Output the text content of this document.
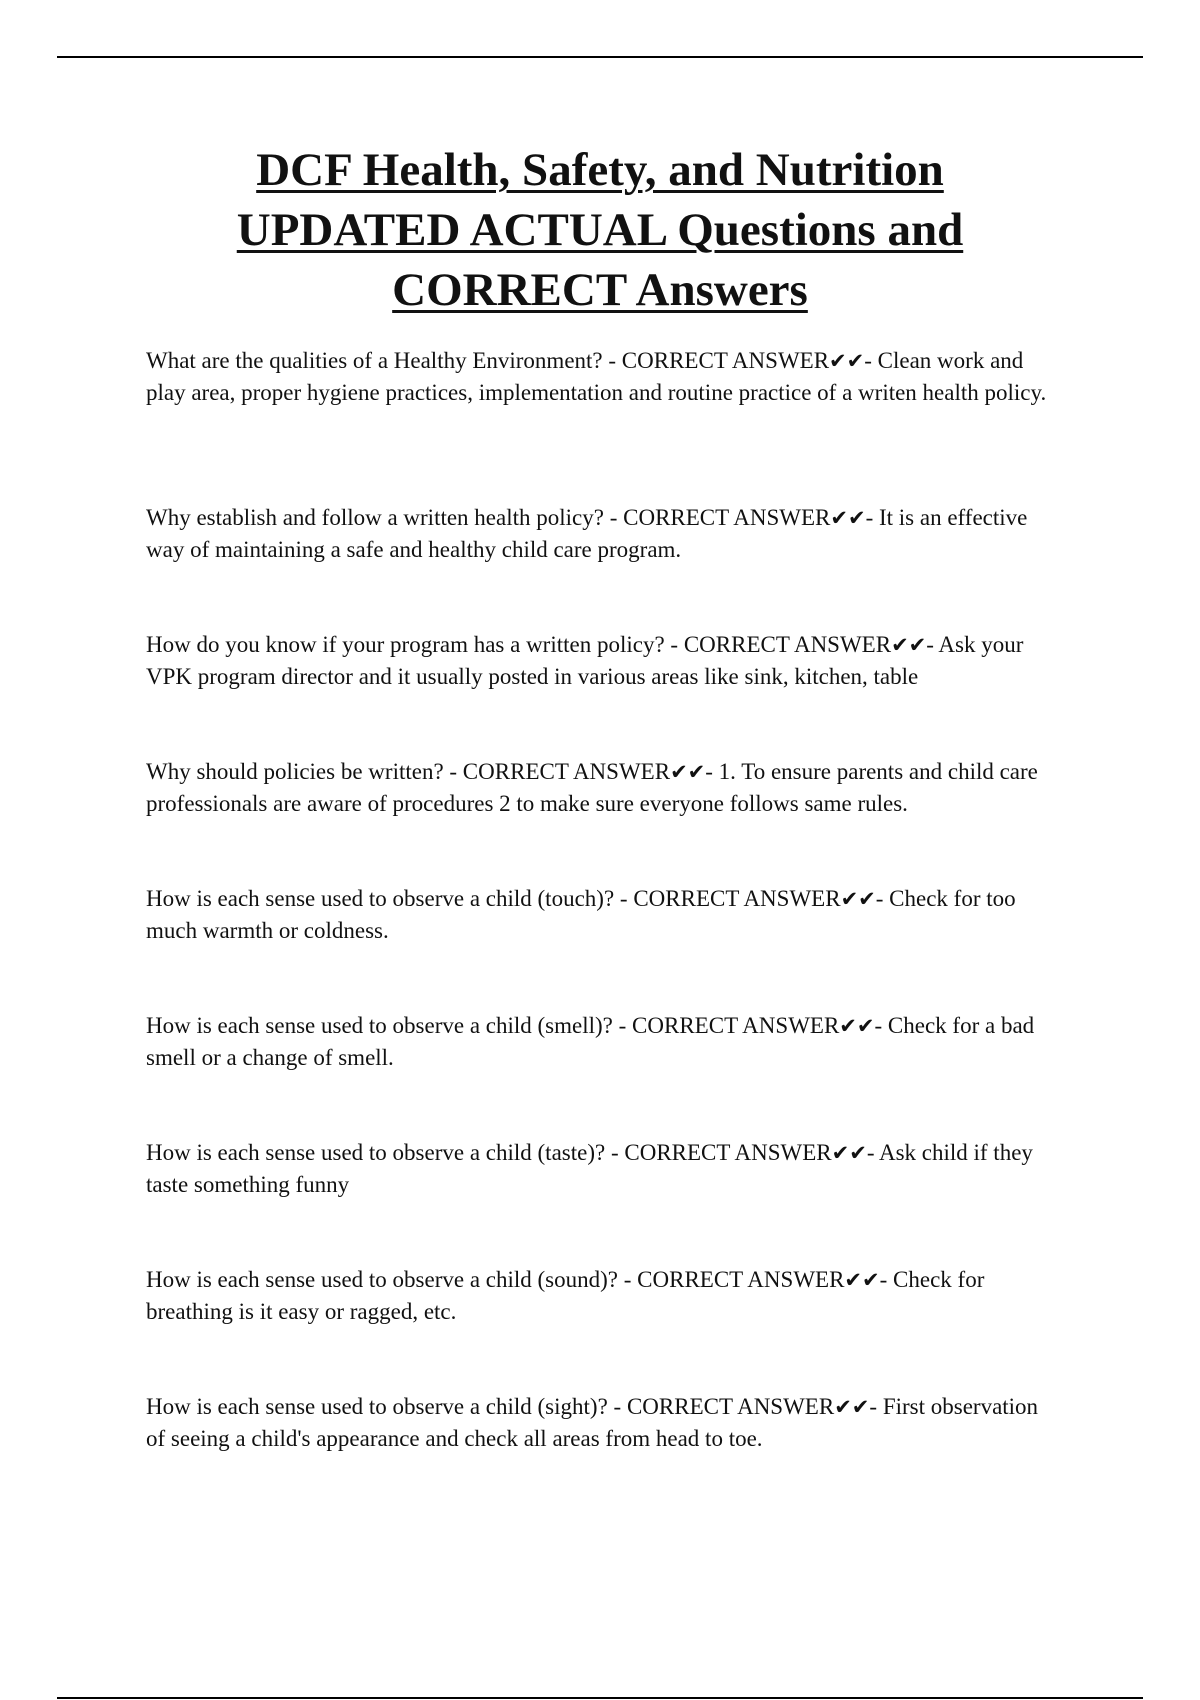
DCF Health, Safety, and Nutrition
UPDATED ACTUAL Questions and
CORRECT Answers

What are the qualities of a Healthy Environment? - CORRECT ANSWER✔✔- Clean work and play area, proper hygiene practices, implementation and routine practice of a writen health policy.

Why establish and follow a written health policy? - CORRECT ANSWER✔✔- It is an effective way of maintaining a safe and healthy child care program.

How do you know if your program has a written policy? - CORRECT ANSWER✔✔- Ask your VPK program director and it usually posted in various areas like sink, kitchen, table

Why should policies be written? - CORRECT ANSWER✔✔- 1. To ensure parents and child care professionals are aware of procedures 2 to make sure everyone follows same rules.

How is each sense used to observe a child (touch)? - CORRECT ANSWER✔✔- Check for too much warmth or coldness.

How is each sense used to observe a child (smell)? - CORRECT ANSWER✔✔- Check for a bad smell or a change of smell.

How is each sense used to observe a child (taste)? - CORRECT ANSWER✔✔- Ask child if they taste something funny

How is each sense used to observe a child (sound)? - CORRECT ANSWER✔✔- Check for breathing is it easy or ragged, etc.

How is each sense used to observe a child (sight)? - CORRECT ANSWER✔✔- First observation of seeing a child's appearance and check all areas from head to toe.
